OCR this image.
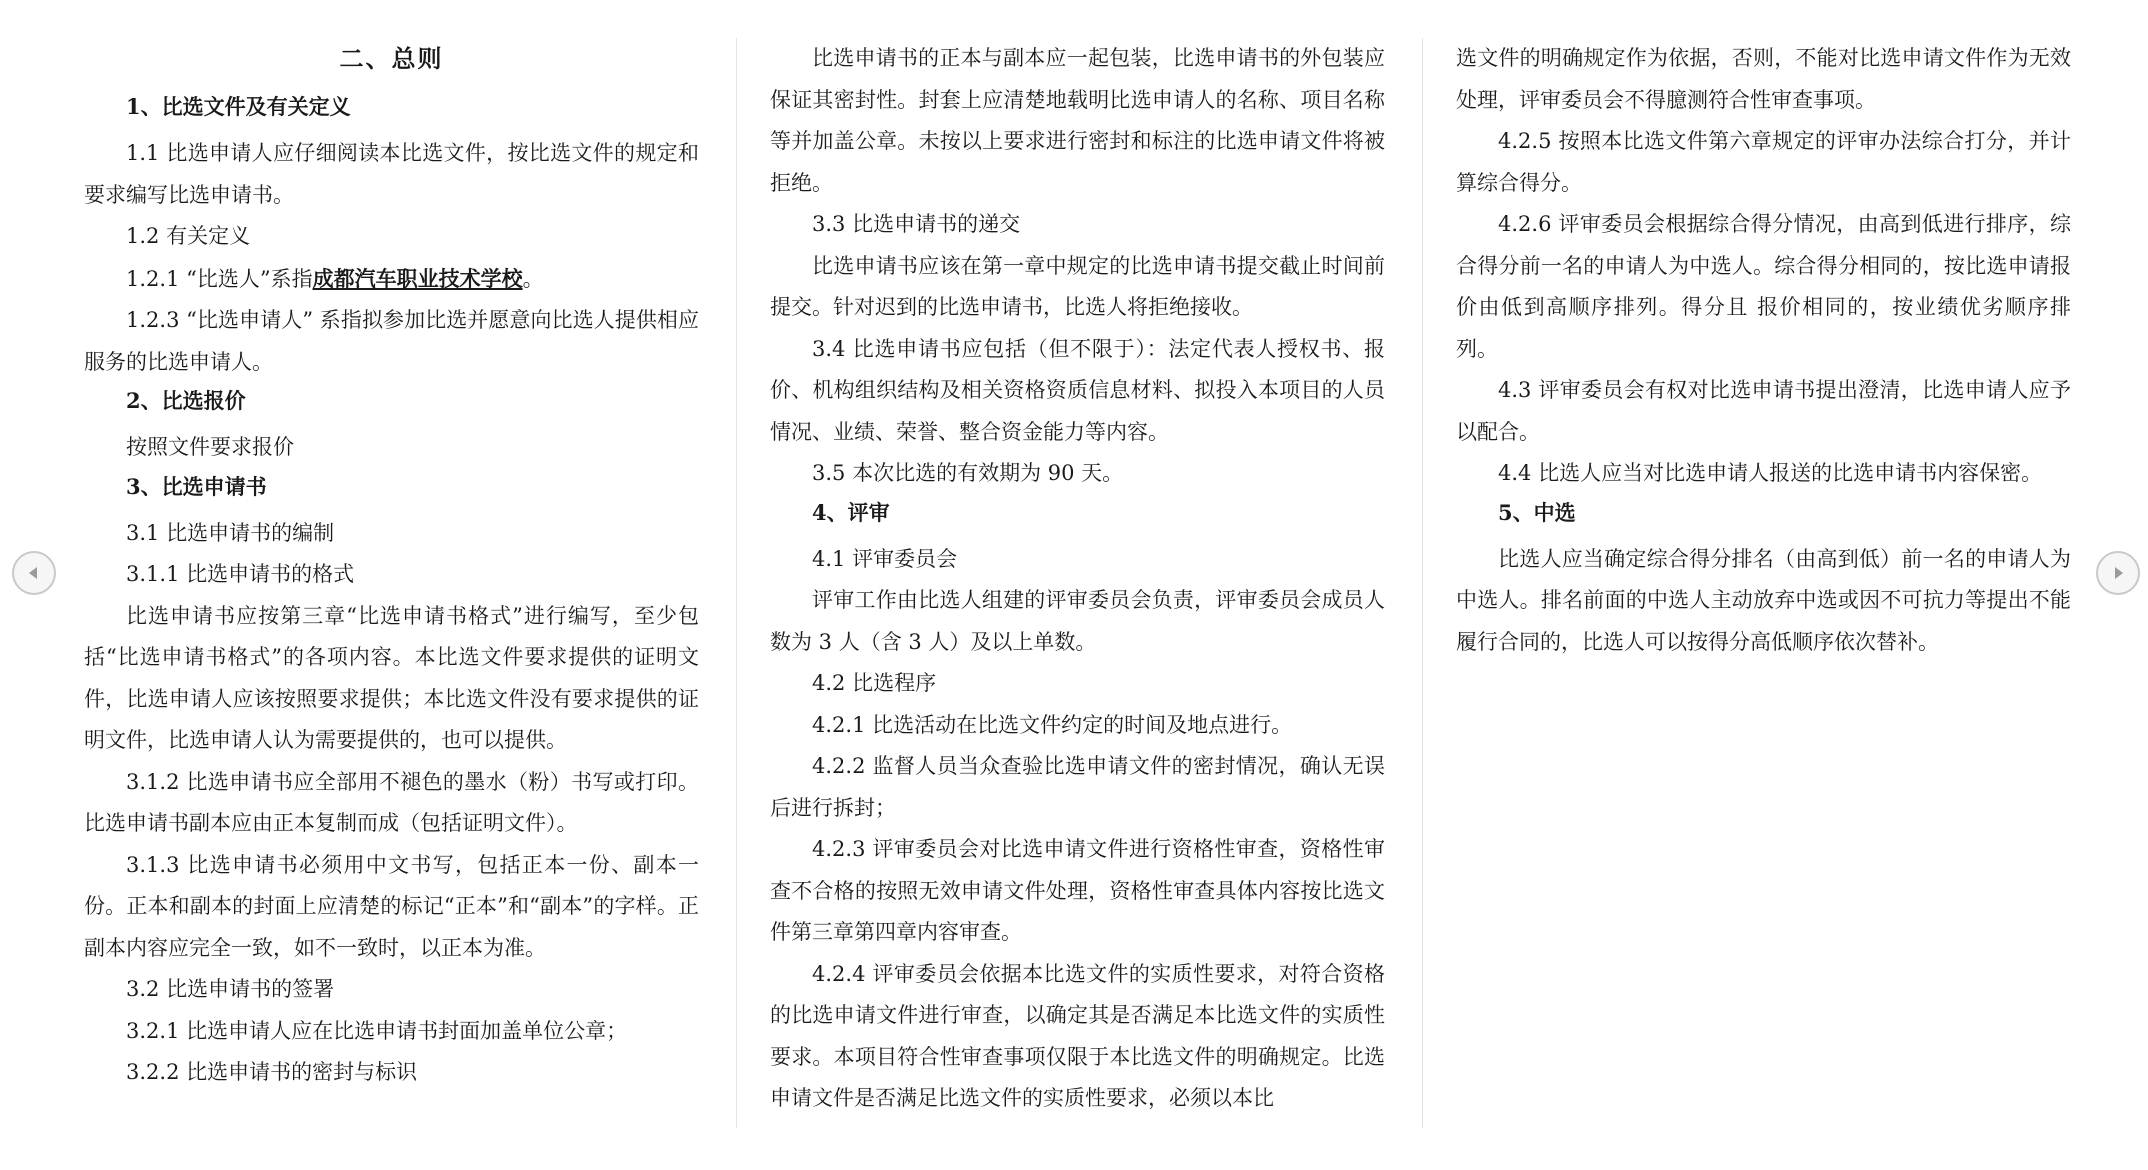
二、总则

1、比选文件及有关定义

1.1 比选申请人应仔细阅读本比选文件，按比选文件的规定和要求编写比选申请书。

1.2 有关定义

1.2.1 “比选人”系指成都汽车职业技术学校。

1.2.3 “比选申请人” 系指拟参加比选并愿意向比选人提供相应服务的比选申请人。

2、比选报价

按照文件要求报价

3、比选申请书

3.1 比选申请书的编制

3.1.1 比选申请书的格式

比选申请书应按第三章“比选申请书格式”进行编写，至少包括“比选申请书格式”的各项内容。本比选文件要求提供的证明文件，比选申请人应该按照要求提供；本比选文件没有要求提供的证明文件，比选申请人认为需要提供的，也可以提供。

3.1.2 比选申请书应全部用不褪色的墨水（粉）书写或打印。比选申请书副本应由正本复制而成（包括证明文件）。

3.1.3 比选申请书必须用中文书写，包括正本一份、副本一份。正本和副本的封面上应清楚的标记“正本”和“副本”的字样。正副本内容应完全一致，如不一致时，以正本为准。

3.2 比选申请书的签署

3.2.1 比选申请人应在比选申请书封面加盖单位公章；

3.2.2 比选申请书的密封与标识

比选申请书的正本与副本应一起包装，比选申请书的外包装应保证其密封性。封套上应清楚地载明比选申请人的名称、项目名称等并加盖公章。未按以上要求进行密封和标注的比选申请文件将被拒绝。

3.3 比选申请书的递交

比选申请书应该在第一章中规定的比选申请书提交截止时间前提交。针对迟到的比选申请书，比选人将拒绝接收。

3.4 比选申请书应包括（但不限于）：法定代表人授权书、报价、机构组织结构及相关资格资质信息材料、拟投入本项目的人员情况、业绩、荣誉、整合资金能力等内容。

3.5 本次比选的有效期为 90 天。

4、评审

4.1 评审委员会

评审工作由比选人组建的评审委员会负责，评审委员会成员人数为 3 人（含 3 人）及以上单数。

4.2 比选程序

4.2.1 比选活动在比选文件约定的时间及地点进行。

4.2.2 监督人员当众查验比选申请文件的密封情况，确认无误后进行拆封；

4.2.3 评审委员会对比选申请文件进行资格性审查，资格性审查不合格的按照无效申请文件处理，资格性审查具体内容按比选文件第三章第四章内容审查。

4.2.4 评审委员会依据本比选文件的实质性要求，对符合资格的比选申请文件进行审查，以确定其是否满足本比选文件的实质性要求。本项目符合性审查事项仅限于本比选文件的明确规定。比选申请文件是否满足比选文件的实质性要求，必须以本比

选文件的明确规定作为依据，否则，不能对比选申请文件作为无效处理，评审委员会不得臆测符合性审查事项。

4.2.5 按照本比选文件第六章规定的评审办法综合打分，并计算综合得分。

4.2.6 评审委员会根据综合得分情况，由高到低进行排序，综合得分前一名的申请人为中选人。综合得分相同的，按比选申请报价由低到高顺序排列。得分且 报价相同的，按业绩优劣顺序排列。

4.3 评审委员会有权对比选申请书提出澄清，比选申请人应予以配合。

4.4 比选人应当对比选申请人报送的比选申请书内容保密。

5、中选

比选人应当确定综合得分排名（由高到低）前一名的申请人为中选人。排名前面的中选人主动放弃中选或因不可抗力等提出不能履行合同的，比选人可以按得分高低顺序依次替补。
